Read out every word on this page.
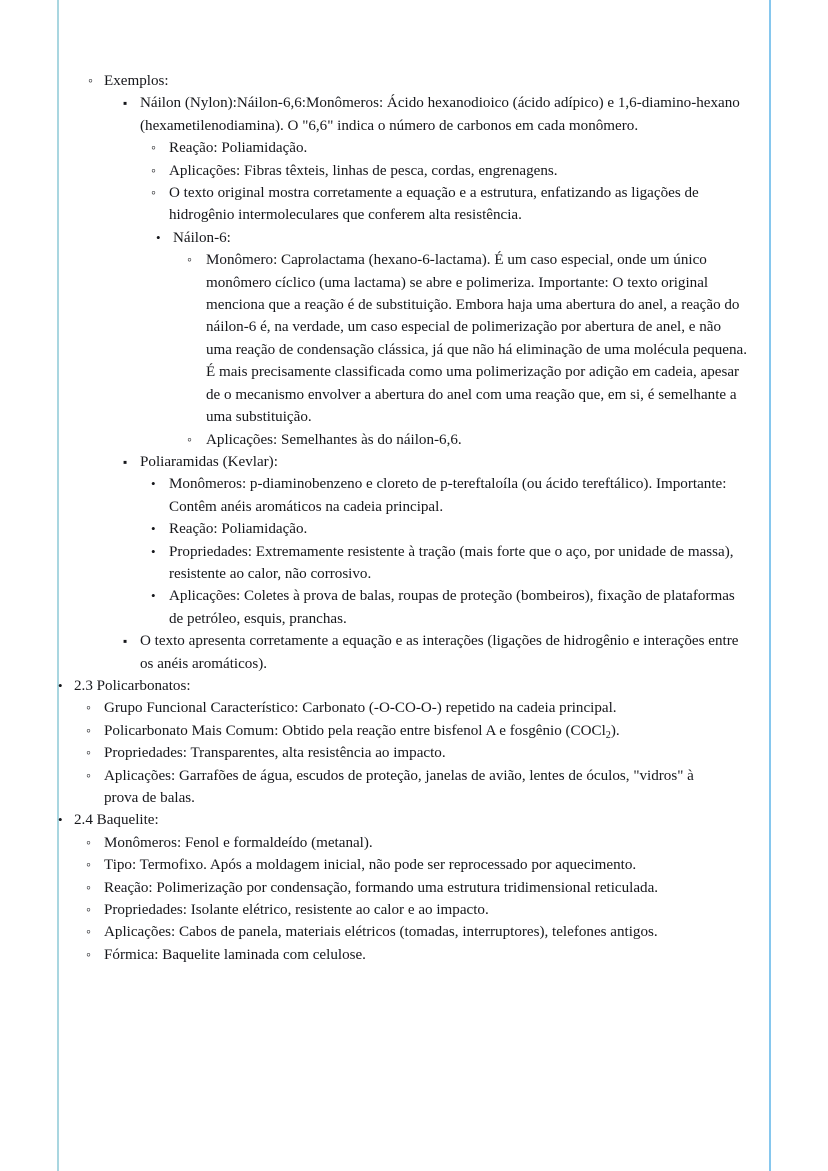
◦
Exemplos:
▪
Náilon (Nylon):Náilon-6,6:Monômeros: Ácido hexanodioico (ácido adípico) e 1,6-diamino-hexano (hexametilenodiamina). O "6,6" indica o número de carbonos em cada monômero.
◦
Reação: Poliamidação.
◦
Aplicações: Fibras têxteis, linhas de pesca, cordas, engrenagens.
◦
O texto original mostra corretamente a equação e a estrutura, enfatizando as ligações de hidrogênio intermoleculares que conferem alta resistência.
•
Náilon-6:
◦
Monômero: Caprolactama (hexano-6-lactama). É um caso especial, onde um único monômero cíclico (uma lactama) se abre e polimeriza. Importante: O texto original menciona que a reação é de substituição. Embora haja uma abertura do anel, a reação do náilon-6 é, na verdade, um caso especial de polimerização por abertura de anel, e não uma reação de condensação clássica, já que não há eliminação de uma molécula pequena. É mais precisamente classificada como uma polimerização por adição em cadeia, apesar de o mecanismo envolver a abertura do anel com uma reação que, em si, é semelhante a uma substituição.
◦
Aplicações: Semelhantes às do náilon-6,6.
▪
Poliaramidas (Kevlar):
•
Monômeros: p-diaminobenzeno e cloreto de p-tereftaloíla (ou ácido tereftálico). Importante: Contêm anéis aromáticos na cadeia principal.
•
Reação: Poliamidação.
•
Propriedades: Extremamente resistente à tração (mais forte que o aço, por unidade de massa), resistente ao calor, não corrosivo.
•
Aplicações: Coletes à prova de balas, roupas de proteção (bombeiros), fixação de plataformas de petróleo, esquis, pranchas.
▪
O texto apresenta corretamente a equação e as interações (ligações de hidrogênio e interações entre os anéis aromáticos).
•
2.3 Policarbonatos:
◦
Grupo Funcional Característico: Carbonato (-O-CO-O-) repetido na cadeia principal.
◦
Policarbonato Mais Comum: Obtido pela reação entre bisfenol A e fosgênio (COCl$_2$).
◦
Propriedades: Transparentes, alta resistência ao impacto.
◦
Aplicações: Garrafões de água, escudos de proteção, janelas de avião, lentes de óculos, "vidros" à prova de balas.
•
2.4 Baquelite:
◦
Monômeros: Fenol e formaldeído (metanal).
◦
Tipo: Termofixo. Após a moldagem inicial, não pode ser reprocessado por aquecimento.
◦
Reação: Polimerização por condensação, formando uma estrutura tridimensional reticulada.
◦
Propriedades: Isolante elétrico, resistente ao calor e ao impacto.
◦
Aplicações: Cabos de panela, materiais elétricos (tomadas, interruptores), telefones antigos.
◦
Fórmica: Baquelite laminada com celulose.
